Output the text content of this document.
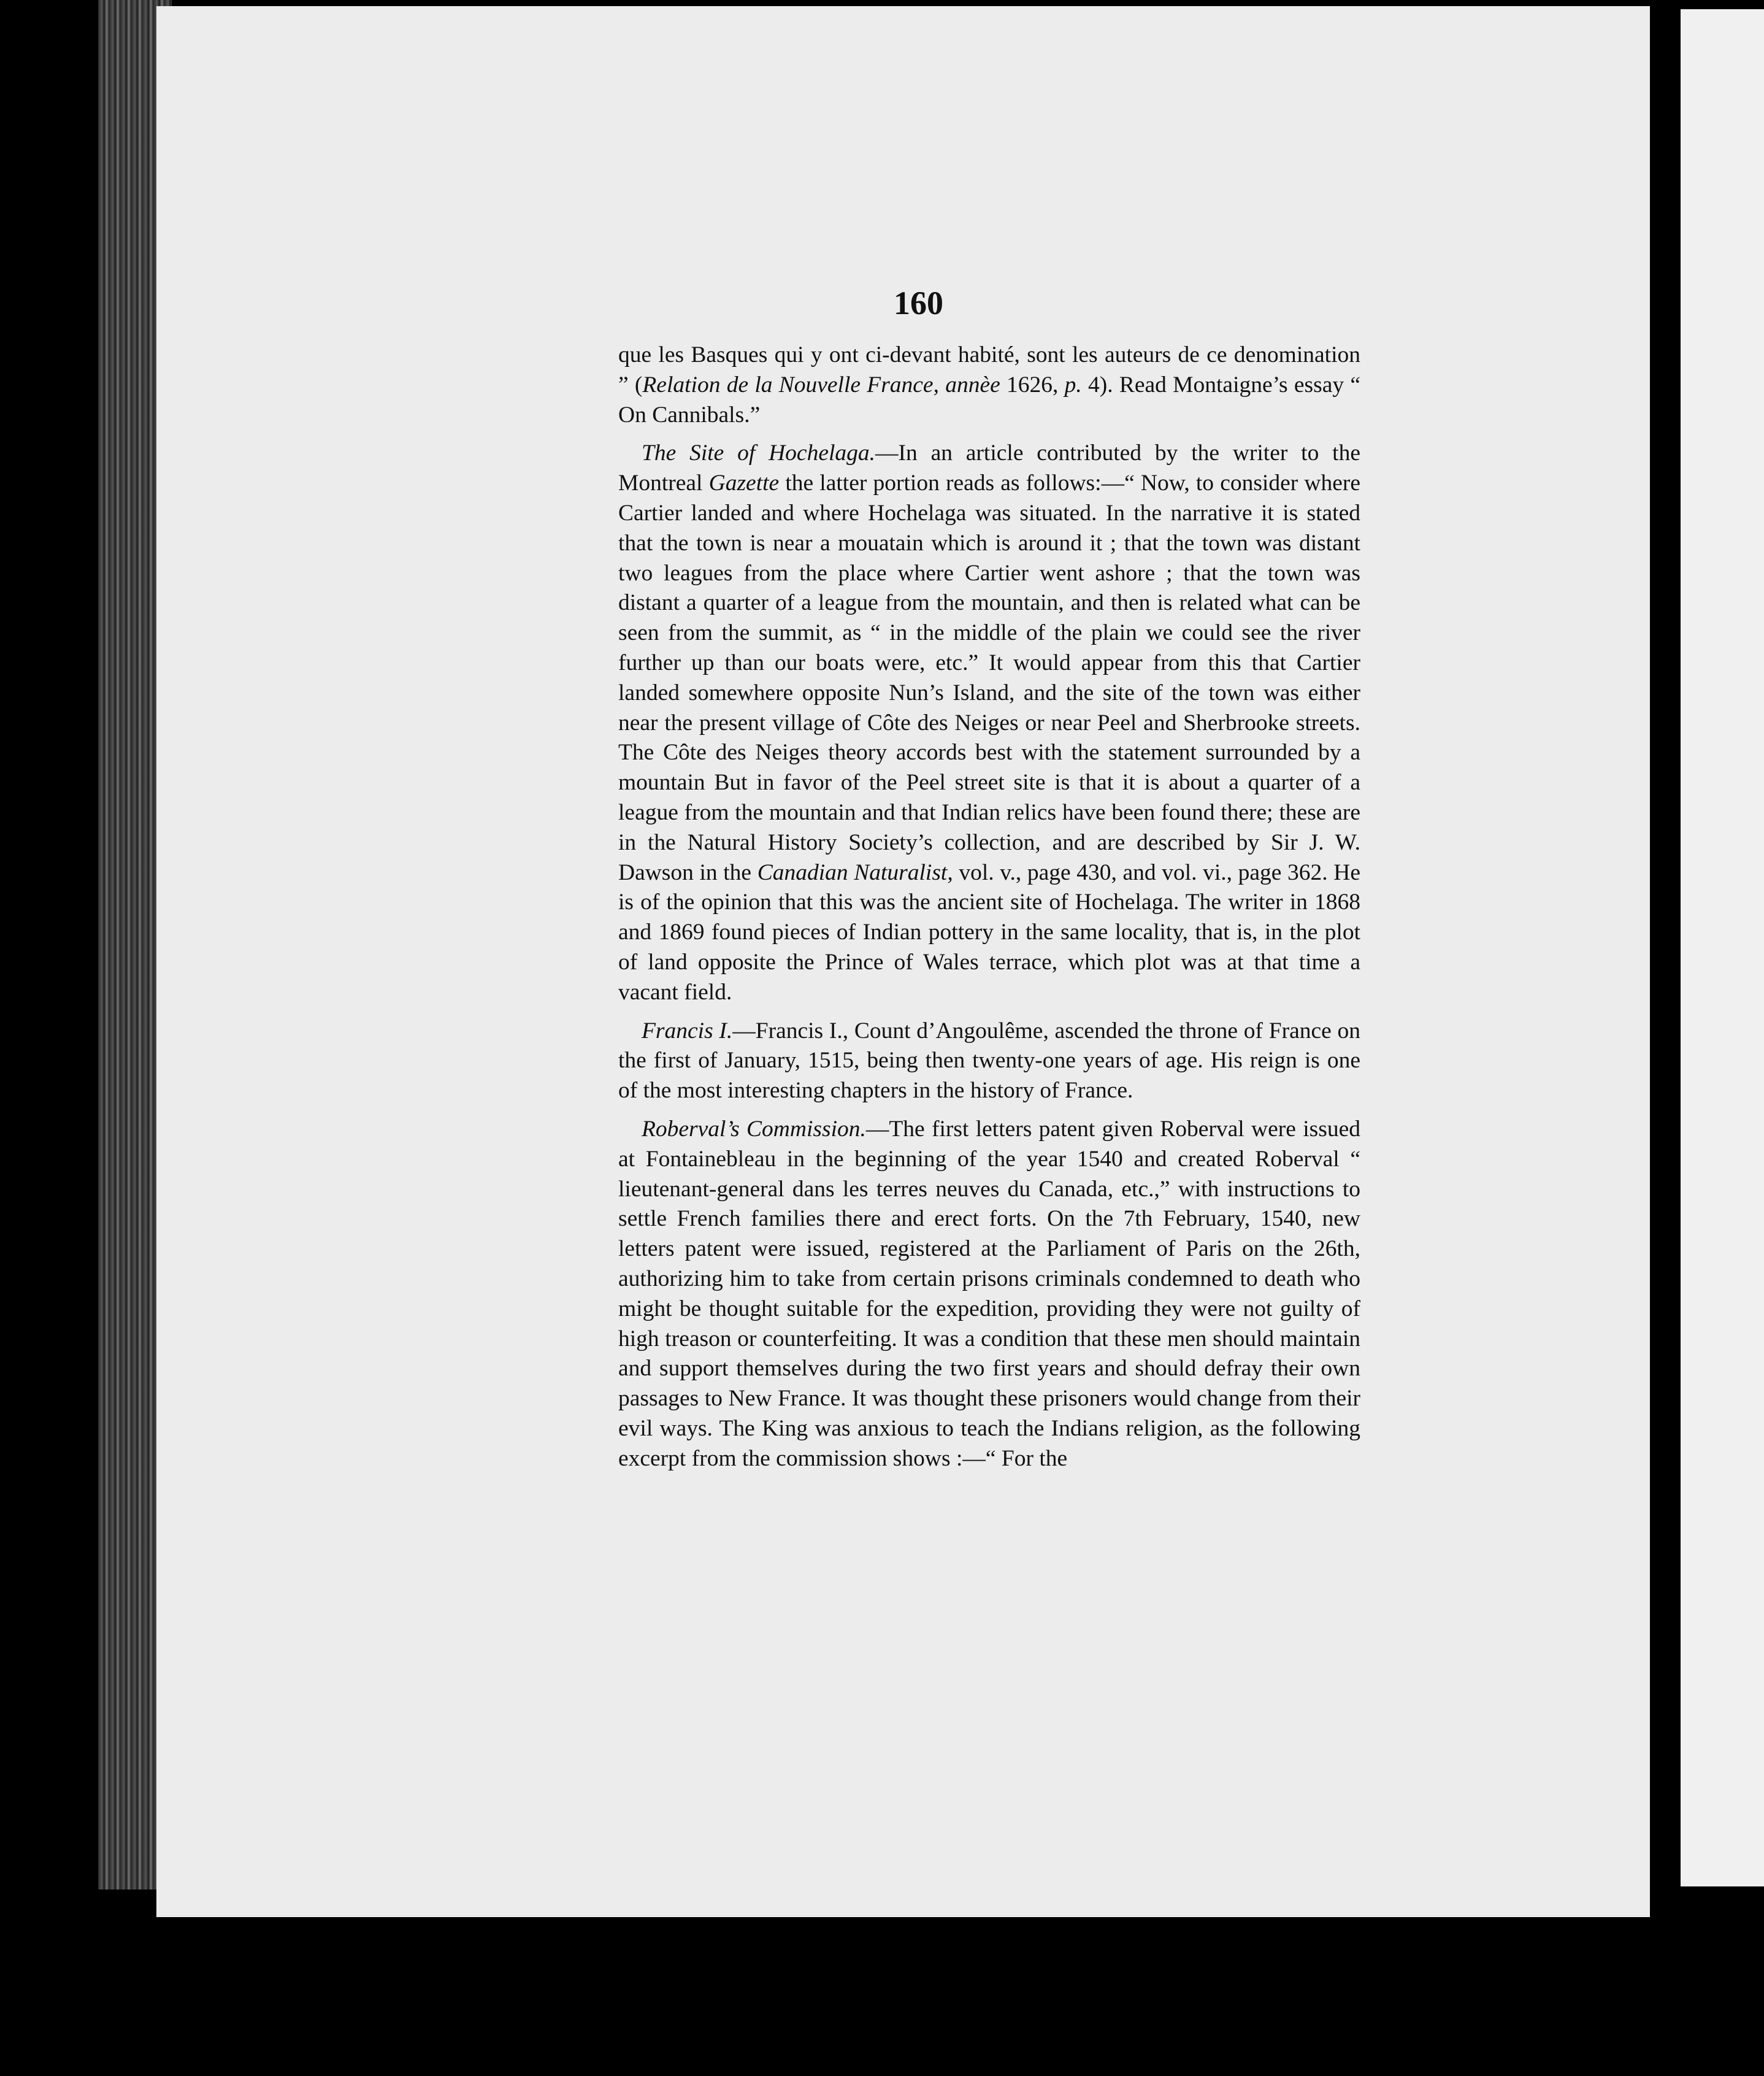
160

que les Basques qui y ont ci-devant habité, sont les auteurs de ce denomination ” (Relation de la Nouvelle France, annèe 1626, p. 4). Read Montaigne’s essay “ On Cannibals.”

The Site of Hochelaga.—In an article contributed by the writer to the Montreal Gazette the latter portion reads as follows:—“ Now, to consider where Cartier landed and where Hochelaga was situated. In the narrative it is stated that the town is near a mouatain which is around it ; that the town was distant two leagues from the place where Cartier went ashore ; that the town was distant a quarter of a league from the mountain, and then is related what can be seen from the summit, as “ in the middle of the plain we could see the river further up than our boats were, etc.” It would appear from this that Cartier landed somewhere opposite Nun’s Island, and the site of the town was either near the present village of Côte des Neiges or near Peel and Sherbrooke streets. The Côte des Neiges theory accords best with the statement surrounded by a mountain But in favor of the Peel street site is that it is about a quarter of a league from the mountain and that Indian relics have been found there; these are in the Natural History Society’s collection, and are described by Sir J. W. Dawson in the Canadian Naturalist, vol. v., page 430, and vol. vi., page 362. He is of the opinion that this was the ancient site of Hochelaga. The writer in 1868 and 1869 found pieces of Indian pottery in the same locality, that is, in the plot of land opposite the Prince of Wales terrace, which plot was at that time a vacant field.

Francis I.—Francis I., Count d’Angoulême, ascended the throne of France on the first of January, 1515, being then twenty-one years of age. His reign is one of the most interesting chapters in the history of France.

Roberval’s Commission.—The first letters patent given Roberval were issued at Fontainebleau in the beginning of the year 1540 and created Roberval “ lieutenant-general dans les terres neuves du Canada, etc.,” with instructions to settle French families there and erect forts. On the 7th February, 1540, new letters patent were issued, registered at the Parliament of Paris on the 26th, authorizing him to take from certain prisons criminals condemned to death who might be thought suitable for the expedition, providing they were not guilty of high treason or counterfeiting. It was a condition that these men should maintain and support themselves during the two first years and should defray their own passages to New France. It was thought these prisoners would change from their evil ways. The King was anxious to teach the Indians religion, as the following excerpt from the commission shows :—“ For the
